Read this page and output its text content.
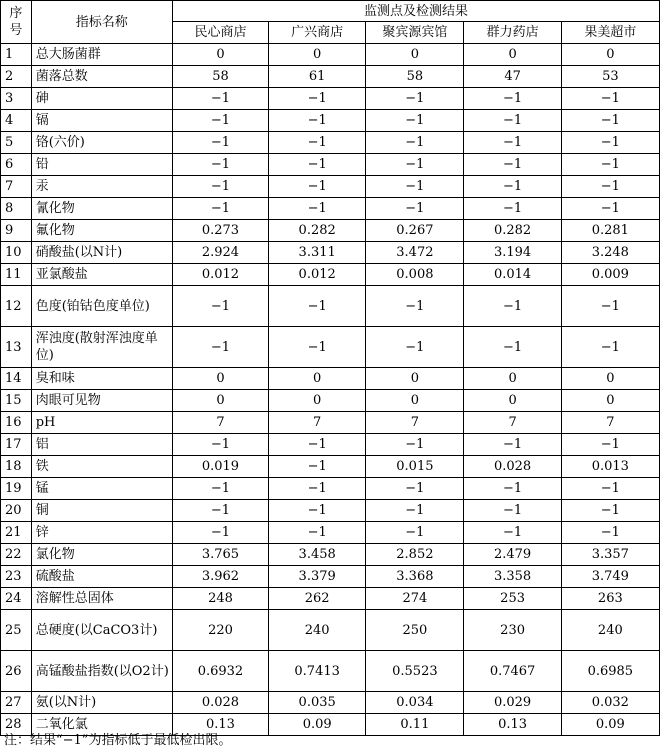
序号	指标名称	监测点及检测结果				
		民心商店	广兴商店	聚宾源宾馆	群力药店	果美超市
1	总大肠菌群	0	0	0	0	0
2	菌落总数	58	61	58	47	53
3	砷	−1	−1	−1	−1	−1
4	镉	−1	−1	−1	−1	−1
5	铬(六价)	−1	−1	−1	−1	−1
6	铅	−1	−1	−1	−1	−1
7	汞	−1	−1	−1	−1	−1
8	氰化物	−1	−1	−1	−1	−1
9	氟化物	0.273	0.282	0.267	0.282	0.281
10	硝酸盐(以N计)	2.924	3.311	3.472	3.194	3.248
11	亚氯酸盐	0.012	0.012	0.008	0.014	0.009
12	色度(铂钴色度单位)	−1	−1	−1	−1	−1
13	浑浊度(散射浑浊度单位)	−1	−1	−1	−1	−1
14	臭和味	0	0	0	0	0
15	肉眼可见物	0	0	0	0	0
16	pH	7	7	7	7	7
17	铝	−1	−1	−1	−1	−1
18	铁	0.019	−1	0.015	0.028	0.013
19	锰	−1	−1	−1	−1	−1
20	铜	−1	−1	−1	−1	−1
21	锌	−1	−1	−1	−1	−1
22	氯化物	3.765	3.458	2.852	2.479	3.357
23	硫酸盐	3.962	3.379	3.368	3.358	3.749
24	溶解性总固体	248	262	274	253	263
25	总硬度(以CaCO3计)	220	240	250	230	240
26	高锰酸盐指数(以O2计)	0.6932	0.7413	0.5523	0.7467	0.6985
27	氨(以N计)	0.028	0.035	0.034	0.029	0.032
28	二氧化氯	0.13	0.09	0.11	0.13	0.09
注：结果“−1”为指标低于最低检出限。
